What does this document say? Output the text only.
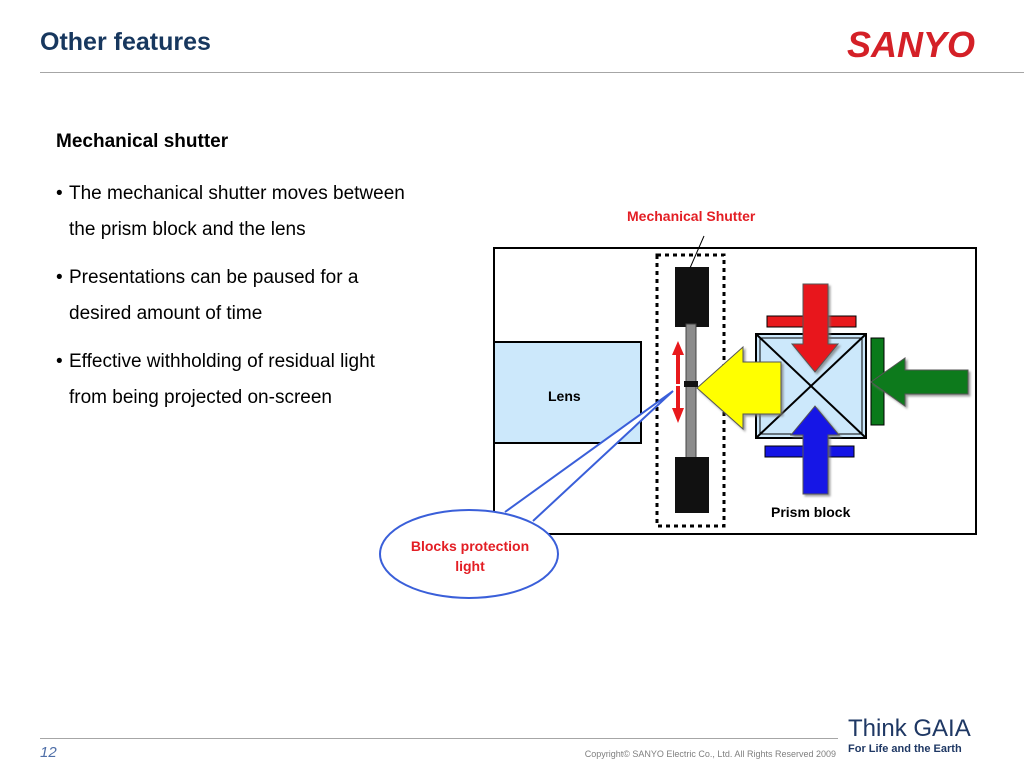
Other features	SANYO
Mechanical shutter
• The mechanical shutter moves between the prism block and the lens
• Presentations can be paused for a desired amount of time
• Effective withholding of residual light from being projected on-screen	Lens
Mechanical Shutter
Prism block
Blocks protection
light
12	Copyright© SANYO Electric Co., Ltd. All Rights Reserved 2009
Think GAIA
For Life and the Earth
